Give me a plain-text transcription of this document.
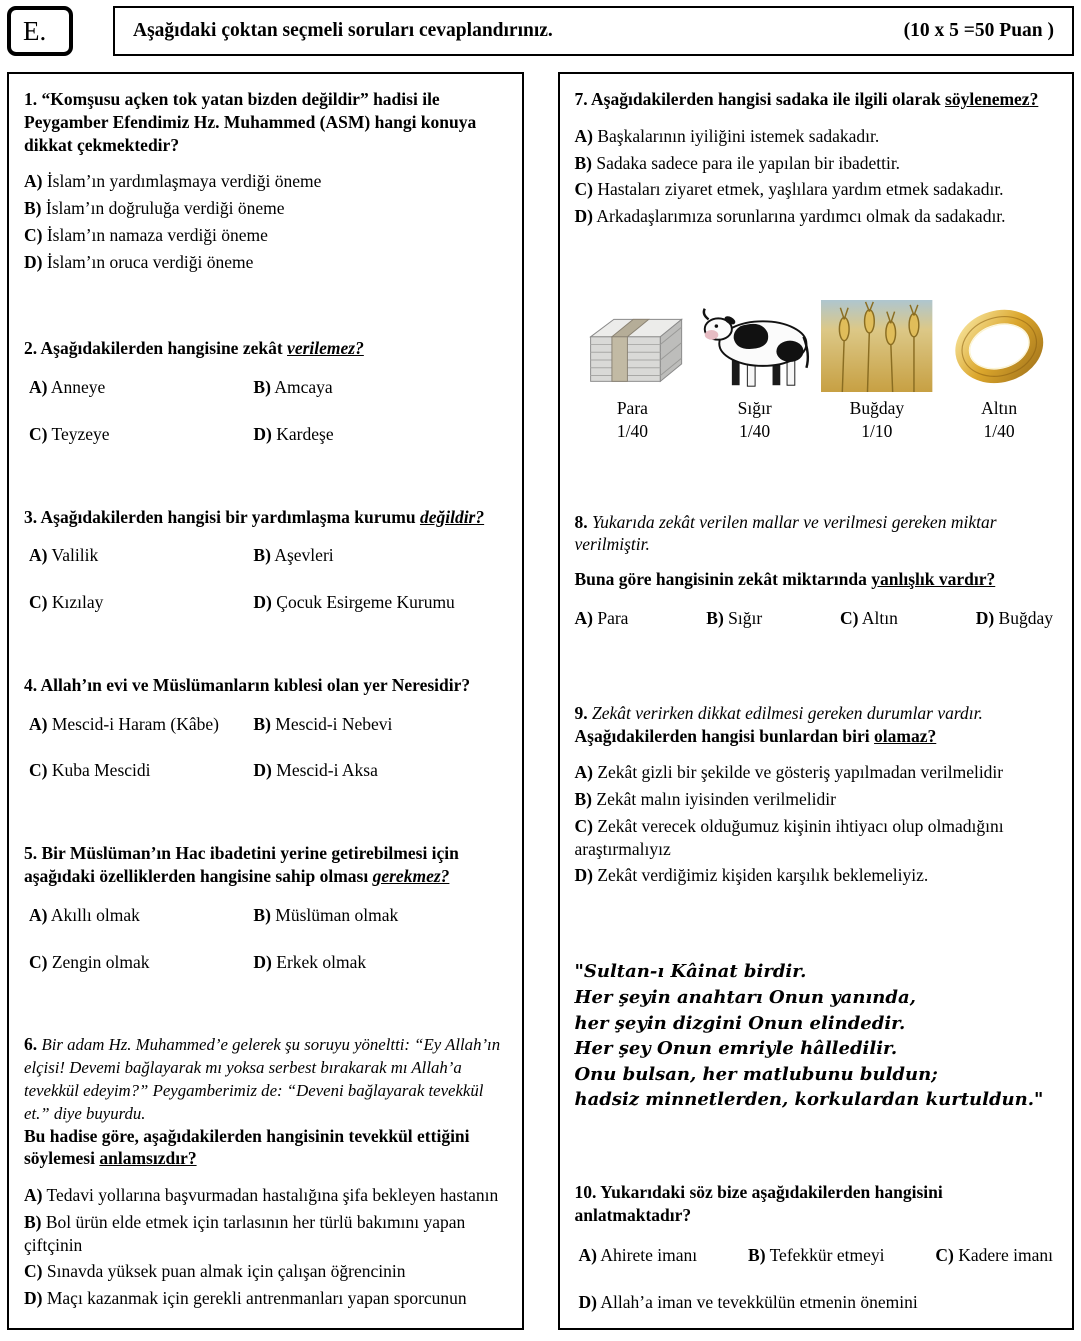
E.	Aşağıdaki çoktan seçmeli soruları cevaplandırınız.	(10 x 5 =50 Puan )

1. “Komşusu açken tok yatan bizden değildir” hadisi ile Peygamber Efendimiz Hz. Muhammed (ASM) hangi konuya dikkat çekmektedir?

A) İslam’ın yardımlaşmaya verdiği öneme

B) İslam’ın doğruluğa verdiği öneme

C) İslam’ın namaza verdiği öneme

D) İslam’ın oruca verdiği öneme

2. Aşağıdakilerden hangisine zekât verilemez?

A) Anneye	B) Amcaya

C) Teyzeye	D) Kardeşe

3. Aşağıdakilerden hangisi bir yardımlaşma kurumu değildir?

A) Valilik	B) Aşevleri

C) Kızılay	D) Çocuk Esirgeme Kurumu

4. Allah’ın evi ve Müslümanların kıblesi olan yer Neresidir?

A) Mescid-i Haram (Kâbe)	B) Mescid-i Nebevi

C) Kuba Mescidi	D) Mescid-i Aksa

5. Bir Müslüman’ın Hac ibadetini yerine getirebilmesi için aşağıdaki özelliklerden hangisine sahip olması gerekmez?

A) Akıllı olmak	B) Müslüman olmak

C) Zengin olmak	D) Erkek olmak

6. Bir adam Hz. Muhammed’e gelerek şu soruyu yöneltti: “Ey Allah’ın elçisi! Devemi bağlayarak mı yoksa serbest bırakarak mı Allah’a tevekkül edeyim?” Peygamberimiz de: “Deveni bağlayarak tevekkül et.” diye buyurdu.

Bu hadise göre, aşağıdakilerden hangisinin tevekkül ettiğini söylemesi anlamsızdır?

A) Tedavi yollarına başvurmadan hastalığına şifa bekleyen hastanın

B) Bol ürün elde etmek için tarlasının her türlü bakımını yapan çiftçinin

C) Sınavda yüksek puan almak için çalışan öğrencinin

D) Maçı kazanmak için gerekli antrenmanları yapan sporcunun

7. Aşağıdakilerden hangisi sadaka ile ilgili olarak söylenemez?

A) Başkalarının iyiliğini istemek sadakadır.

B) Sadaka sadece para ile yapılan bir ibadettir.

C) Hastaları ziyaret etmek, yaşlılara yardım etmek sadakadır.

D) Arkadaşlarımıza sorunlarına yardımcı olmak da sadakadır.

Para
1/40
Sığır
1/40
Buğday
1/10
Altın
1/40

8. Yukarıda zekât verilen mallar ve verilmesi gereken miktar verilmiştir.

Buna göre hangisinin zekât miktarında yanlışlık vardır?

A) Para	B) Sığır	C) Altın	D) Buğday

9. Zekât verirken dikkat edilmesi gereken durumlar vardır. Aşağıdakilerden hangisi bunlardan biri olamaz?

A) Zekât gizli bir şekilde ve gösteriş yapılmadan verilmelidir

B) Zekât malın iyisinden verilmelidir

C) Zekât verecek olduğumuz kişinin ihtiyacı olup olmadığını araştırmalıyız

D) Zekât verdiğimiz kişiden karşılık beklemeliyiz.

"Sultan-ı Kâinat birdir.
Her şeyin anahtarı Onun yanında,
her şeyin dizgini Onun elindedir.
Her şey Onun emriyle hâlledilir.
Onu bulsan, her matlubunu buldun;
hadsiz minnetlerden, korkulardan kurtuldun."

10. Yukarıdaki söz bize aşağıdakilerden hangisini anlatmaktadır?

A) Ahirete imanı	B) Tefekkür etmeyi	C) Kadere imanı
D) Allah’a iman ve tevekkülün etmenin önemini
